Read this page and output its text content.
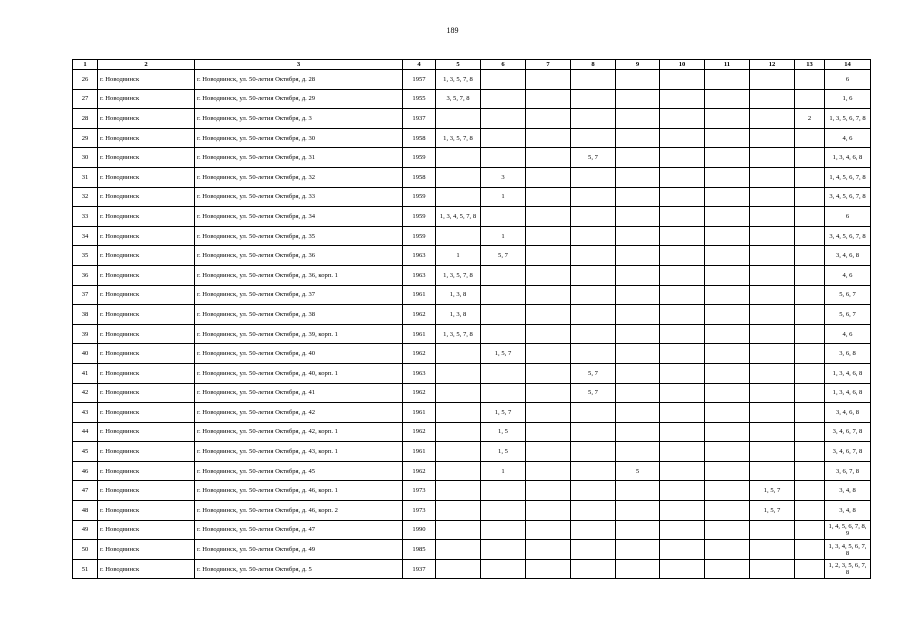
189
1	2	3	4	5	6	7	8	9	10	11	12	13	14
26	г. Новодвинск	г. Новодвинск, ул. 50-летия Октября, д. 28	1957	1, 3, 5, 7, 8									6
27	г. Новодвинск	г. Новодвинск, ул. 50-летия Октября, д. 29	1955	3, 5, 7, 8									1, 6
28	г. Новодвинск	г. Новодвинск, ул. 50-летия Октября, д. 3	1937									2	1, 3, 5, 6, 7, 8
29	г. Новодвинск	г. Новодвинск, ул. 50-летия Октября, д. 30	1958	1, 3, 5, 7, 8									4, 6
30	г. Новодвинск	г. Новодвинск, ул. 50-летия Октября, д. 31	1959				5, 7						1, 3, 4, 6, 8
31	г. Новодвинск	г. Новодвинск, ул. 50-летия Октября, д. 32	1958		3								1, 4, 5, 6, 7, 8
32	г. Новодвинск	г. Новодвинск, ул. 50-летия Октября, д. 33	1959		1								3, 4, 5, 6, 7, 8
33	г. Новодвинск	г. Новодвинск, ул. 50-летия Октября, д. 34	1959	1, 3, 4, 5, 7, 8									6
34	г. Новодвинск	г. Новодвинск, ул. 50-летия Октября, д. 35	1959		1								3, 4, 5, 6, 7, 8
35	г. Новодвинск	г. Новодвинск, ул. 50-летия Октября, д. 36	1963	1	5, 7								3, 4, 6, 8
36	г. Новодвинск	г. Новодвинск, ул. 50-летия Октября, д. 36, корп. 1	1963	1, 3, 5, 7, 8									4, 6
37	г. Новодвинск	г. Новодвинск, ул. 50-летия Октября, д. 37	1961	1, 3, 8									5, 6, 7
38	г. Новодвинск	г. Новодвинск, ул. 50-летия Октября, д. 38	1962	1, 3, 8									5, 6, 7
39	г. Новодвинск	г. Новодвинск, ул. 50-летия Октября, д. 39, корп. 1	1961	1, 3, 5, 7, 8									4, 6
40	г. Новодвинск	г. Новодвинск, ул. 50-летия Октября, д. 40	1962		1, 5, 7								3, 6, 8
41	г. Новодвинск	г. Новодвинск, ул. 50-летия Октября, д. 40, корп. 1	1963				5, 7						1, 3, 4, 6, 8
42	г. Новодвинск	г. Новодвинск, ул. 50-летия Октября, д. 41	1962				5, 7						1, 3, 4, 6, 8
43	г. Новодвинск	г. Новодвинск, ул. 50-летия Октября, д. 42	1961		1, 5, 7								3, 4, 6, 8
44	г. Новодвинск	г. Новодвинск, ул. 50-летия Октября, д. 42, корп. 1	1962		1, 5								3, 4, 6, 7, 8
45	г. Новодвинск	г. Новодвинск, ул. 50-летия Октября, д. 43, корп. 1	1961		1, 5								3, 4, 6, 7, 8
46	г. Новодвинск	г. Новодвинск, ул. 50-летия Октября, д. 45	1962		1			5					3, 6, 7, 8
47	г. Новодвинск	г. Новодвинск, ул. 50-летия Октября, д. 46, корп. 1	1973								1, 5, 7		3, 4, 8
48	г. Новодвинск	г. Новодвинск, ул. 50-летия Октября, д. 46, корп. 2	1973								1, 5, 7		3, 4, 8
49	г. Новодвинск	г. Новодвинск, ул. 50-летия Октября, д. 47	1990										1, 4, 5, 6, 7, 8, 9
50	г. Новодвинск	г. Новодвинск, ул. 50-летия Октября, д. 49	1985										1, 3, 4, 5, 6, 7, 8
51	г. Новодвинск	г. Новодвинск, ул. 50-летия Октября, д. 5	1937										1, 2, 3, 5, 6, 7, 8
